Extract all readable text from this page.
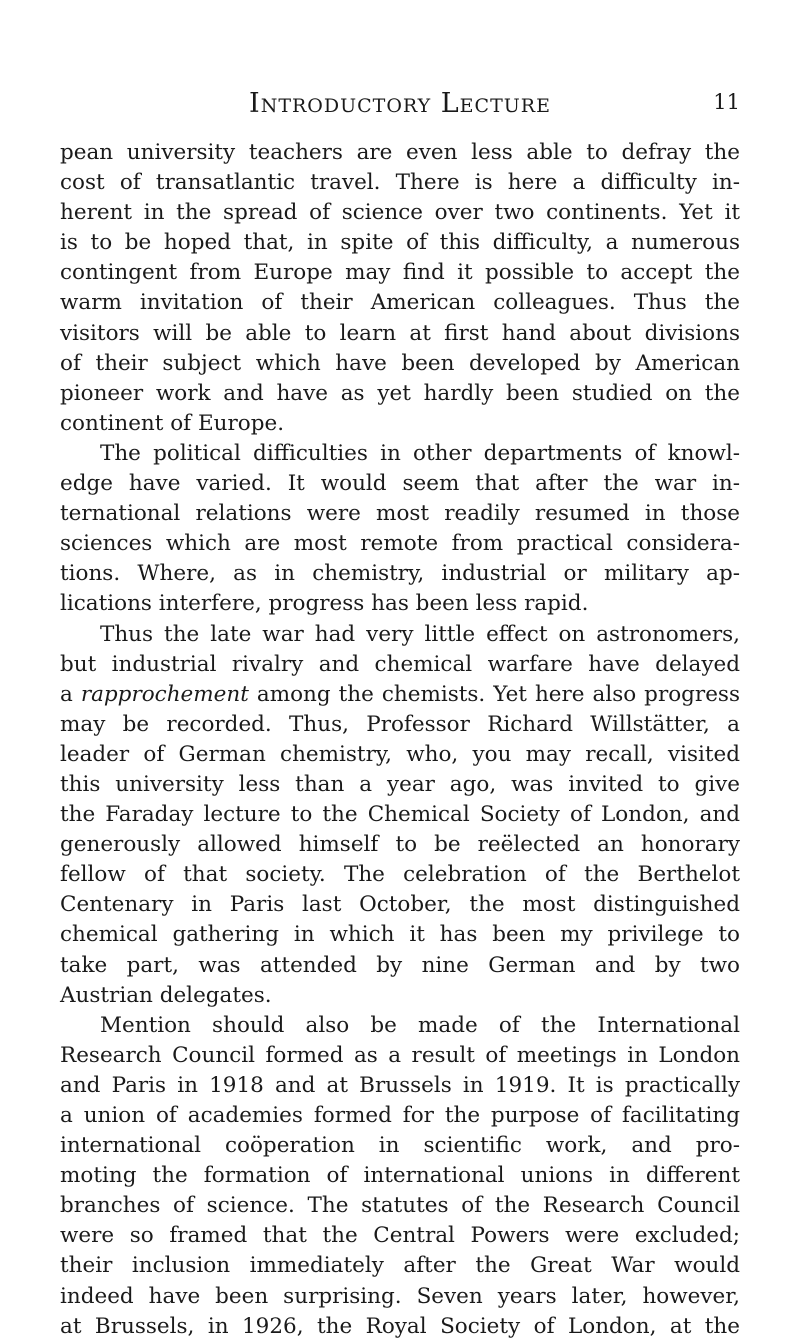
Introductory Lecture	11
pean university teachers are even less able to defray the
cost of transatlantic travel. There is here a difficulty in-
herent in the spread of science over two continents. Yet it
is to be hoped that, in spite of this difficulty, a numerous
contingent from Europe may find it possible to accept the
warm invitation of their American colleagues. Thus the
visitors will be able to learn at first hand about divisions
of their subject which have been developed by American
pioneer work and have as yet hardly been studied on the
continent of Europe.
The political difficulties in other departments of knowl-
edge have varied. It would seem that after the war in-
ternational relations were most readily resumed in those
sciences which are most remote from practical considera-
tions. Where, as in chemistry, industrial or military ap-
lications interfere, progress has been less rapid.
Thus the late war had very little effect on astronomers,
but industrial rivalry and chemical warfare have delayed
a rapprochement among the chemists. Yet here also progress
may be recorded. Thus, Professor Richard Willstätter, a
leader of German chemistry, who, you may recall, visited
this university less than a year ago, was invited to give
the Faraday lecture to the Chemical Society of London, and
generously allowed himself to be reëlected an honorary
fellow of that society. The celebration of the Berthelot
Centenary in Paris last October, the most distinguished
chemical gathering in which it has been my privilege to
take part, was attended by nine German and by two
Austrian delegates.
Mention should also be made of the International
Research Council formed as a result of meetings in London
and Paris in 1918 and at Brussels in 1919. It is practically
a union of academies formed for the purpose of facilitating
international coöperation in scientific work, and pro-
moting the formation of international unions in different
branches of science. The statutes of the Research Council
were so framed that the Central Powers were excluded;
their inclusion immediately after the Great War would
indeed have been surprising. Seven years later, however,
at Brussels, in 1926, the Royal Society of London, at the
